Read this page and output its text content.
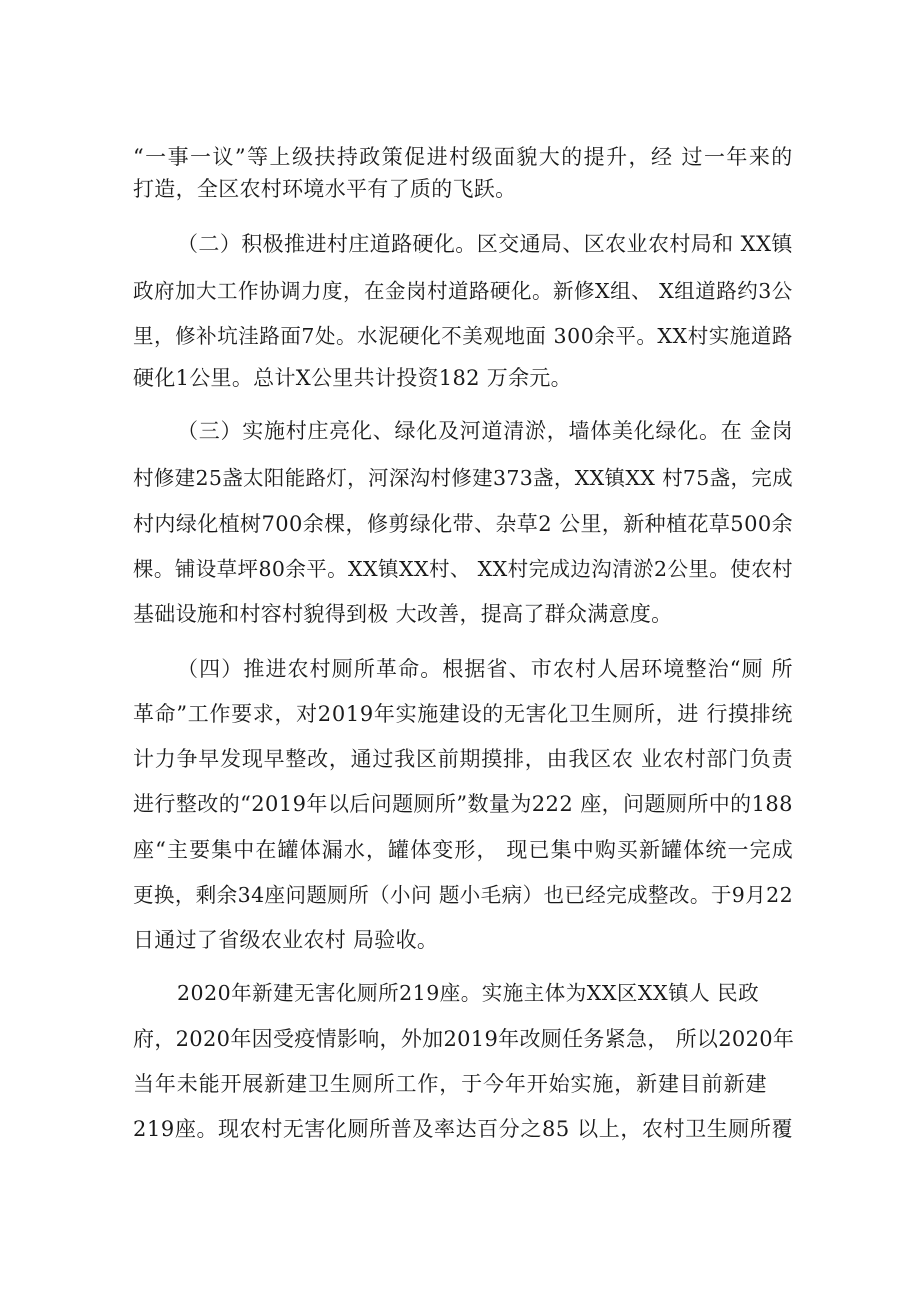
“ 一 事 一 议 ” 等 上 级 扶 持 政 策 促 进 村 级 面 貌 大 的 提 升 ， 经
过 一 年 来 的
打造，全区农村环境水平有了质的飞跃。
（ 二 ） 积 极 推 进 村 庄 道 路 硬 化 。 区 交 通 局 、 区 农 业 农 村 局 和
X X 镇
政 府 加 大 工 作 协 调 力 度 ， 在 金 岗 村 道 路 硬 化 。 新 修 X 组 、
X 组 道 路 约 3 公
里 ， 修 补 坑 洼 路 面 7 处 。 水 泥 硬 化 不 美 观 地 面
3 0 0 余 平 。 X X 村 实 施 道 路
硬化1公里。总计X公里共计投资182 万余元。
（ 三 ） 实 施 村 庄 亮 化 、 绿 化 及 河 道 清 淤 ， 墙 体 美 化 绿 化 。 在
金 岗
村 修 建 2 5 盏 太 阳 能 路 灯 ， 河 深 沟 村 修 建 3 7 3 盏 ， X X 镇 X X
村 7 5 盏 ， 完 成
村 内 绿 化 植 树 7 0 0 余 棵 ， 修 剪 绿 化 带 、 杂 草 2
公 里 ， 新 种 植 花 草 5 0 0 余
棵 。 铺 设 草 坪 8 0 余 平 。 X X 镇 X X 村 、
X X 村 完 成 边 沟 清 淤 2 公 里 。 使 农 村
基础设施和村容村貌得到极 大改善，提高了群众满意度。
（ 四 ） 推 进 农 村 厕 所 革 命 。 根 据 省 、 市 农 村 人 居 环 境 整 治 “ 厕
所
革 命 ” 工 作 要 求 ， 对 2 0 1 9 年 实 施 建 设 的 无 害 化 卫 生 厕 所 ， 进
行 摸 排 统
计 力 争 早 发 现 早 整 改 ， 通 过 我 区 前 期 摸 排 ， 由 我 区 农
业 农 村 部 门 负 责
进 行 整 改 的 “ 2 0 1 9 年 以 后 问 题 厕 所 ” 数 量 为 2 2 2
座 ， 问 题 厕 所 中 的 1 8 8
座 “ 主 要 集 中 在 罐 体 漏 水 ， 罐 体 变 形 ，
现 已 集 中 购 买 新 罐 体 统 一 完 成
更 换 ， 剩 余 3 4 座 问 题 厕 所 （ 小 问
题 小 毛 病 ） 也 已 经 完 成 整 改 。 于 9 月 2 2
日通过了省级农业农村 局验收。
2 0 2 0 年 新 建 无 害 化 厕 所 2 1 9 座 。 实 施 主 体 为 X X 区 X X 镇 人
民 政
府 ， 2 0 2 0 年 因 受 疫 情 影 响 ， 外 加 2 0 1 9 年 改 厕 任 务 紧 急 ，
所 以 2 0 2 0 年
当 年 未 能 开 展 新 建 卫 生 厕 所 工 作 ， 于 今 年 开 始 实 施 ， 新 建 目 前 新 建
2 1 9 座 。 现 农 村 无 害 化 厕 所 普 及 率 达 百 分 之 8 5
以 上 ， 农 村 卫 生 厕 所 覆
